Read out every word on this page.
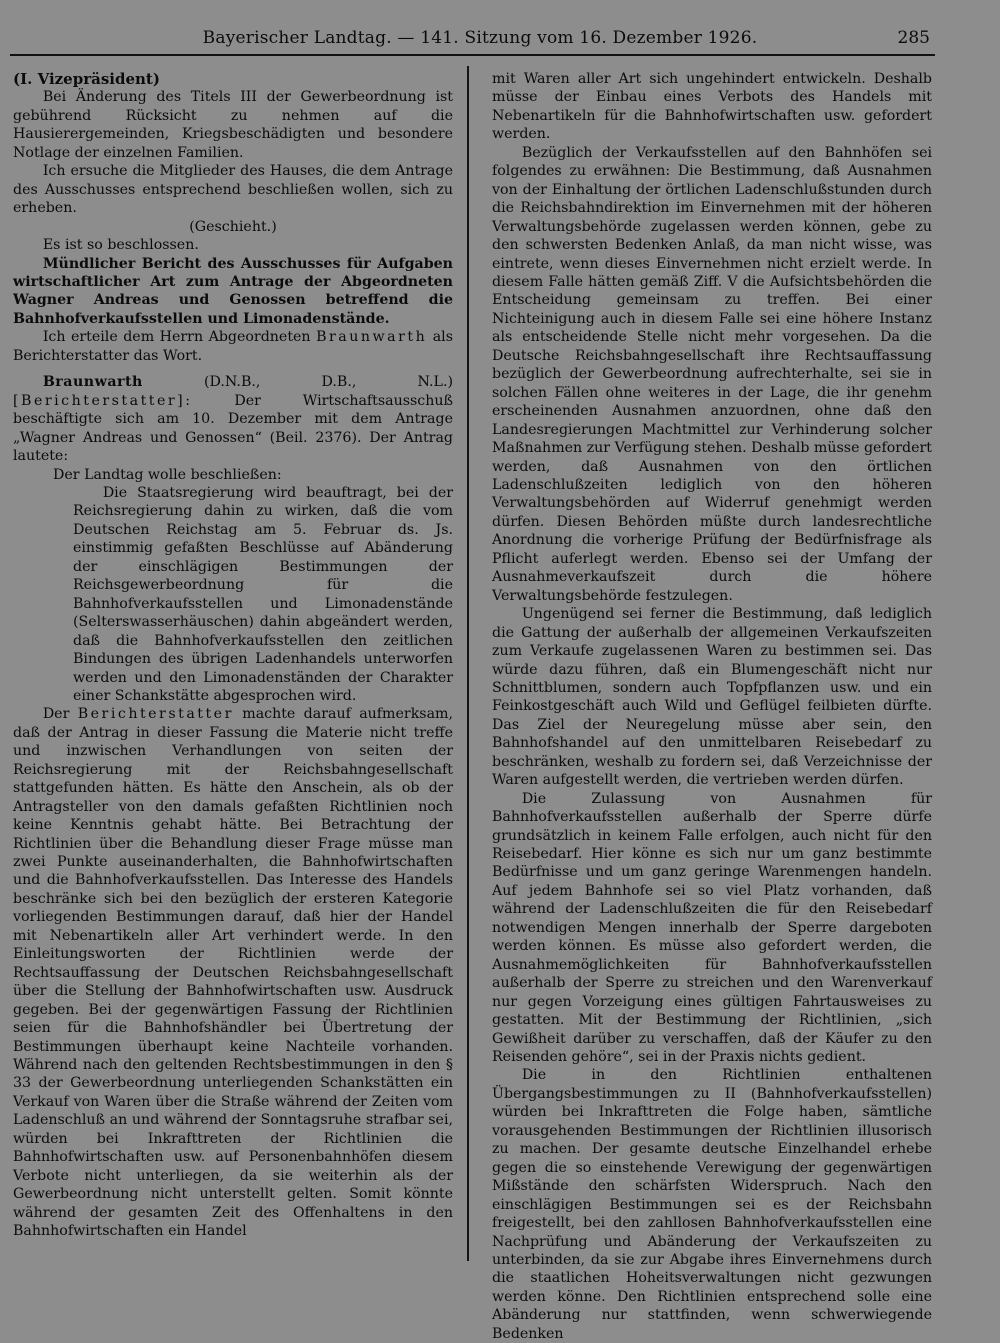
Bayerischer Landtag. — 141. Sitzung vom 16. Dezember 1926.	285

( I. Vizepräsident )

Bei Änderung des Titels III der Gewerbeordnung ist gebührend Rücksicht zu nehmen auf die Hausierergemeinden, Kriegsbeschädigten und besondere Notlage der einzelnen Familien.

Ich ersuche die Mitglieder des Hauses, die dem Antrage des Ausschusses entsprechend beschließen wollen, sich zu erheben.

( Geschieht. )

Es ist so beschlossen.

Mündlicher Bericht des Ausschusses für Aufgaben wirtschaftlicher Art zum Antrage der Abgeordneten Wagner Andreas und Genossen betreffend die Bahnhofverkaufsstellen und Limonadenstände.

Ich erteile dem Herrn Abgeordneten Braunwarth als Berichterstatter das Wort.

Braunwarth	(D.N.B., D.B., N.L.) [Berichterstatter]:	Der Wirtschaftsausschuß beschäftigte sich am 10. Dezember mit dem Antrage „Wagner Andreas und Genossen“ (Beil. 2376). Der Antrag lautete:

Der Landtag wolle beschließen:

Die Staatsregierung wird beauftragt, bei der Reichsregierung dahin zu wirken, daß die vom Deutschen Reichstag am 5. Februar ds. Js. einstimmig gefaßten Beschlüsse auf Abänderung der einschlägigen Bestimmungen der Reichsgewerbeordnung für die Bahnhofverkaufsstellen und Limonadenstände (Selterswasserhäuschen) dahin abgeändert werden, daß die Bahnhofverkaufsstellen den zeitlichen Bindungen des übrigen Ladenhandels unterworfen werden und den Limonadenständen der Charakter einer Schankstätte abgesprochen wird.

Der Berichterstatter machte darauf aufmerksam, daß der Antrag in dieser Fassung die Materie nicht treffe und inzwischen Verhandlungen von seiten der Reichsregierung mit der Reichsbahngesellschaft stattgefunden hätten. Es hätte den Anschein, als ob der Antragsteller von den damals gefaßten Richtlinien noch keine Kenntnis gehabt hätte. Bei Betrachtung der Richtlinien über die Behandlung dieser Frage müsse man zwei Punkte auseinanderhalten, die Bahnhofwirtschaften und die Bahnhofverkaufsstellen. Das Interesse des Handels beschränke sich bei den bezüglich der ersteren Kategorie vorliegenden Bestimmungen darauf, daß hier der Handel mit Nebenartikeln aller Art verhindert werde. In den Einleitungsworten der Richtlinien werde der Rechtsauffassung der Deutschen Reichsbahngesellschaft über die Stellung der Bahnhofwirtschaften usw. Ausdruck gegeben. Bei der gegenwärtigen Fassung der Richtlinien seien für die Bahnhofshändler bei Übertretung der Bestimmungen überhaupt keine Nachteile vorhanden. Während nach den geltenden Rechtsbestimmungen in den § 33 der Gewerbeordnung unterliegenden Schankstätten ein Verkauf von Waren über die Straße während der Zeiten vom Ladenschluß an und während der Sonntagsruhe strafbar sei, würden bei Inkrafttreten der Richtlinien die Bahnhofwirtschaften usw. auf Personenbahnhöfen diesem Verbote nicht unterliegen, da sie weiterhin als der Gewerbeordnung nicht unterstellt gelten. Somit könnte während der gesamten Zeit des Offenhaltens in den Bahnhofwirtschaften ein Handel

mit Waren aller Art sich ungehindert entwickeln. Deshalb müsse der Einbau eines Verbots des Handels mit Nebenartikeln für die Bahnhofwirtschaften usw. gefordert werden.

Bezüglich der Verkaufsstellen auf den Bahnhöfen sei folgendes zu erwähnen: Die Bestimmung, daß Ausnahmen von der Einhaltung der örtlichen Ladenschlußstunden durch die Reichsbahndirektion im Einvernehmen mit der höheren Verwaltungsbehörde zugelassen werden können, gebe zu den schwersten Bedenken Anlaß, da man nicht wisse, was eintrete, wenn dieses Einvernehmen nicht erzielt werde. In diesem Falle hätten gemäß Ziff. V die Aufsichtsbehörden die Entscheidung gemeinsam zu treffen. Bei einer Nichteinigung auch in diesem Falle sei eine höhere Instanz als entscheidende Stelle nicht mehr vorgesehen. Da die Deutsche Reichsbahngesellschaft ihre Rechtsauffassung bezüglich der Gewerbeordnung aufrechterhalte, sei sie in solchen Fällen ohne weiteres in der Lage, die ihr genehm erscheinenden Ausnahmen anzuordnen, ohne daß den Landesregierungen Machtmittel zur Verhinderung solcher Maßnahmen zur Verfügung stehen. Deshalb müsse gefordert werden, daß Ausnahmen von den örtlichen Ladenschlußzeiten lediglich von den höheren Verwaltungsbehörden auf Widerruf genehmigt werden dürfen. Diesen Behörden müßte durch landesrechtliche Anordnung die vorherige Prüfung der Bedürfnisfrage als Pflicht auferlegt werden. Ebenso sei der Umfang der Ausnahmeverkaufszeit durch die höhere Verwaltungsbehörde festzulegen.

Ungenügend sei ferner die Bestimmung, daß lediglich die Gattung der außerhalb der allgemeinen Verkaufszeiten zum Verkaufe zugelassenen Waren zu bestimmen sei. Das würde dazu führen, daß ein Blumengeschäft nicht nur Schnittblumen, sondern auch Topfpflanzen usw. und ein Feinkostgeschäft auch Wild und Geflügel feilbieten dürfte. Das Ziel der Neuregelung müsse aber sein, den Bahnhofshandel auf den unmittelbaren Reisebedarf zu beschränken, weshalb zu fordern sei, daß Verzeichnisse der Waren aufgestellt werden, die vertrieben werden dürfen.

Die Zulassung von Ausnahmen für Bahnhofverkaufsstellen außerhalb der Sperre dürfe grundsätzlich in keinem Falle erfolgen, auch nicht für den Reisebedarf. Hier könne es sich nur um ganz bestimmte Bedürfnisse und um ganz geringe Warenmengen handeln. Auf jedem Bahnhofe sei so viel Platz vorhanden, daß während der Ladenschlußzeiten die für den Reisebedarf notwendigen Mengen innerhalb der Sperre dargeboten werden können. Es müsse also gefordert werden, die Ausnahmemöglichkeiten für Bahnhofverkaufsstellen außerhalb der Sperre zu streichen und den Warenverkauf nur gegen Vorzeigung eines gültigen Fahrtausweises zu gestatten. Mit der Bestimmung der Richtlinien, „sich Gewißheit darüber zu verschaffen, daß der Käufer zu den Reisenden gehöre“, sei in der Praxis nichts gedient.

Die in den Richtlinien enthaltenen Übergangsbestimmungen zu II (Bahnhofverkaufsstellen) würden bei Inkrafttreten die Folge haben, sämtliche vorausgehenden Bestimmungen der Richtlinien illusorisch zu machen. Der gesamte deutsche Einzelhandel erhebe gegen die so einstehende Verewigung der gegenwärtigen Mißstände den schärfsten Widerspruch. Nach den einschlägigen Bestimmungen sei es der Reichsbahn freigestellt, bei den zahllosen Bahnhofverkaufsstellen eine Nachprüfung und Abänderung der Verkaufszeiten zu unterbinden, da sie zur Abgabe ihres Einvernehmens durch die staatlichen Hoheitsverwaltungen nicht gezwungen werden könne. Den Richtlinien entsprechend solle eine Abänderung nur stattfinden, wenn schwerwiegende Bedenken
